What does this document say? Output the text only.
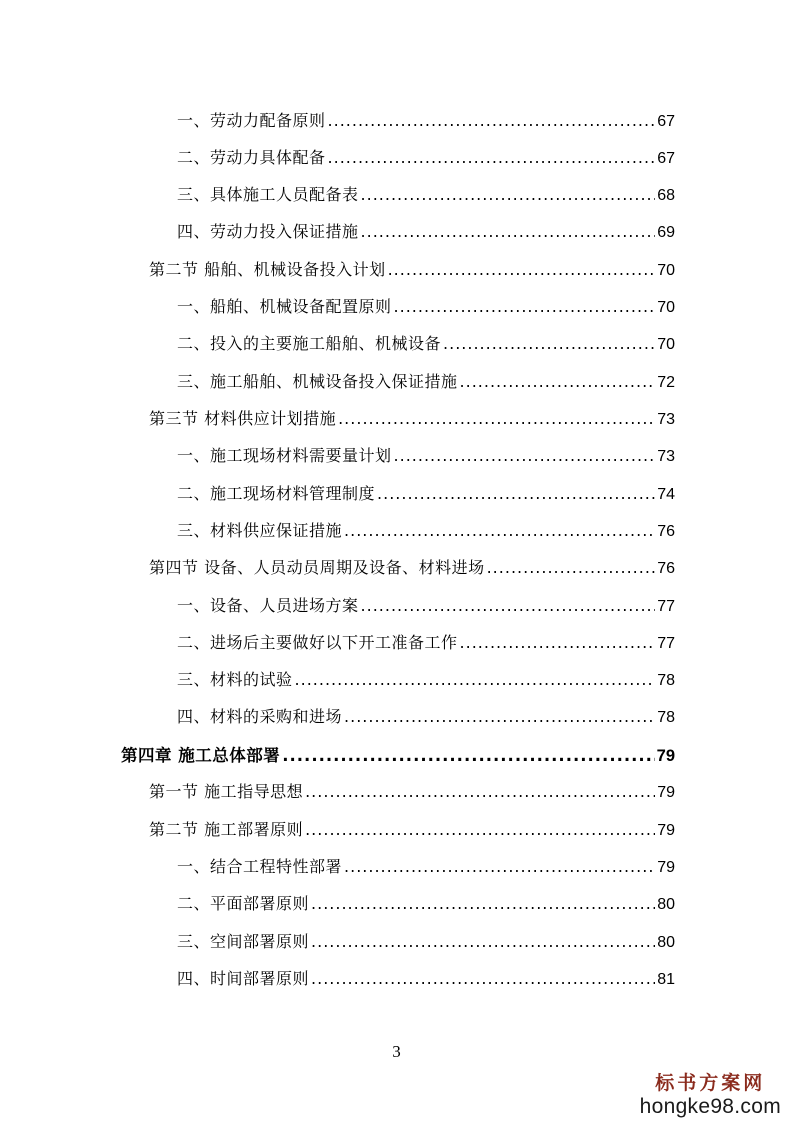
一、劳动力配备原则 .....	67
二、劳动力具体配备 .....	67
三、具体施工人员配备表 .....	68
四、劳动力投入保证措施 .....	69
第二节 船舶、机械设备投入计划 .....	70
一、船舶、机械设备配置原则 .....	70
二、投入的主要施工船舶、机械设备 .....	70
三、施工船舶、机械设备投入保证措施 .....	72
第三节 材料供应计划措施 .....	73
一、施工现场材料需要量计划 .....	73
二、施工现场材料管理制度 .....	74
三、材料供应保证措施 .....	76
第四节 设备、人员动员周期及设备、材料进场 .....	76
一、设备、人员进场方案 .....	77
二、进场后主要做好以下开工准备工作 .....	77
三、材料的试验 .....	78
四、材料的采购和进场 .....	78
第四章 施工总体部署 .....	79
第一节 施工指导思想 .....	79
第二节 施工部署原则 .....	79
一、结合工程特性部署 .....	79
二、平面部署原则 .....	80
三、空间部署原则 .....	80
四、时间部署原则 .....	81
3
标书方案网
hongke98.com
